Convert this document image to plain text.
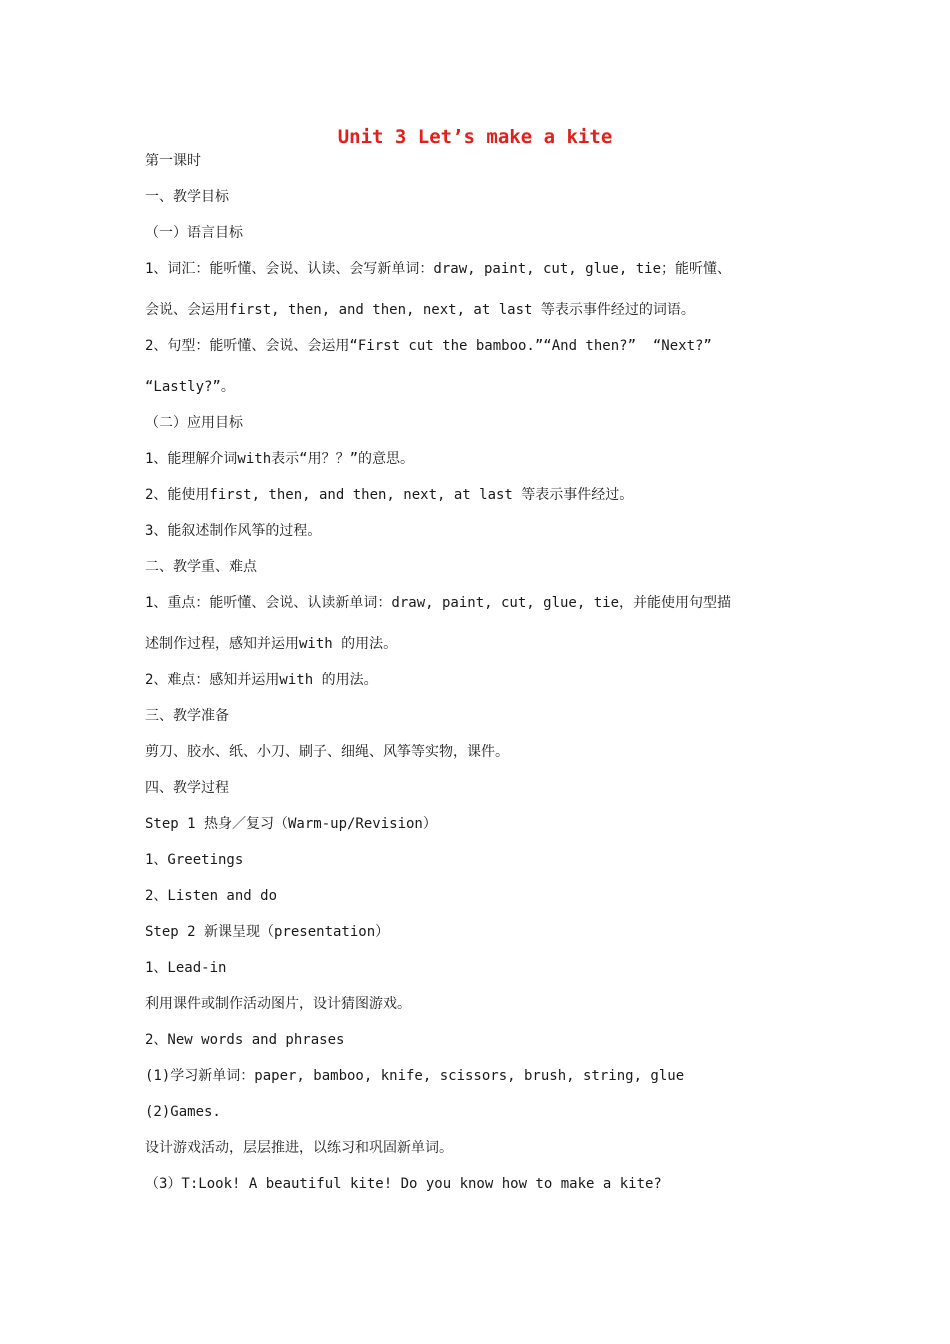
Unit 3 Let’s make a kite
第一课时
一、教学目标
（一）语言目标
1、词汇：能听懂、会说、认读、会写新单词：draw, paint, cut, glue, tie；能听懂、
会说、会运用first, then, and then, next, at last 等表示事件经过的词语。
2、句型：能听懂、会说、会运用“First cut the bamboo.”“And then?”  “Next?”
“Lastly?”。
（二）应用目标
1、能理解介词with表示“用？？”的意思。
2、能使用first, then, and then, next, at last 等表示事件经过。
3、能叙述制作风筝的过程。
二、教学重、难点
1、重点：能听懂、会说、认读新单词：draw, paint, cut, glue, tie，并能使用句型描
述制作过程，感知并运用with 的用法。
2、难点：感知并运用with 的用法。
三、教学准备
剪刀、胶水、纸、小刀、刷子、细绳、风筝等实物，课件。
四、教学过程
Step 1 热身／复习（Warm-up/Revision）
1、Greetings
2、Listen and do
Step 2 新课呈现（presentation）
1、Lead-in
利用课件或制作活动图片，设计猜图游戏。
2、New words and phrases
(1)学习新单词：paper, bamboo, knife, scissors, brush, string, glue
(2)Games.
设计游戏活动，层层推进，以练习和巩固新单词。
（3）T:Look! A beautiful kite! Do you know how to make a kite?
